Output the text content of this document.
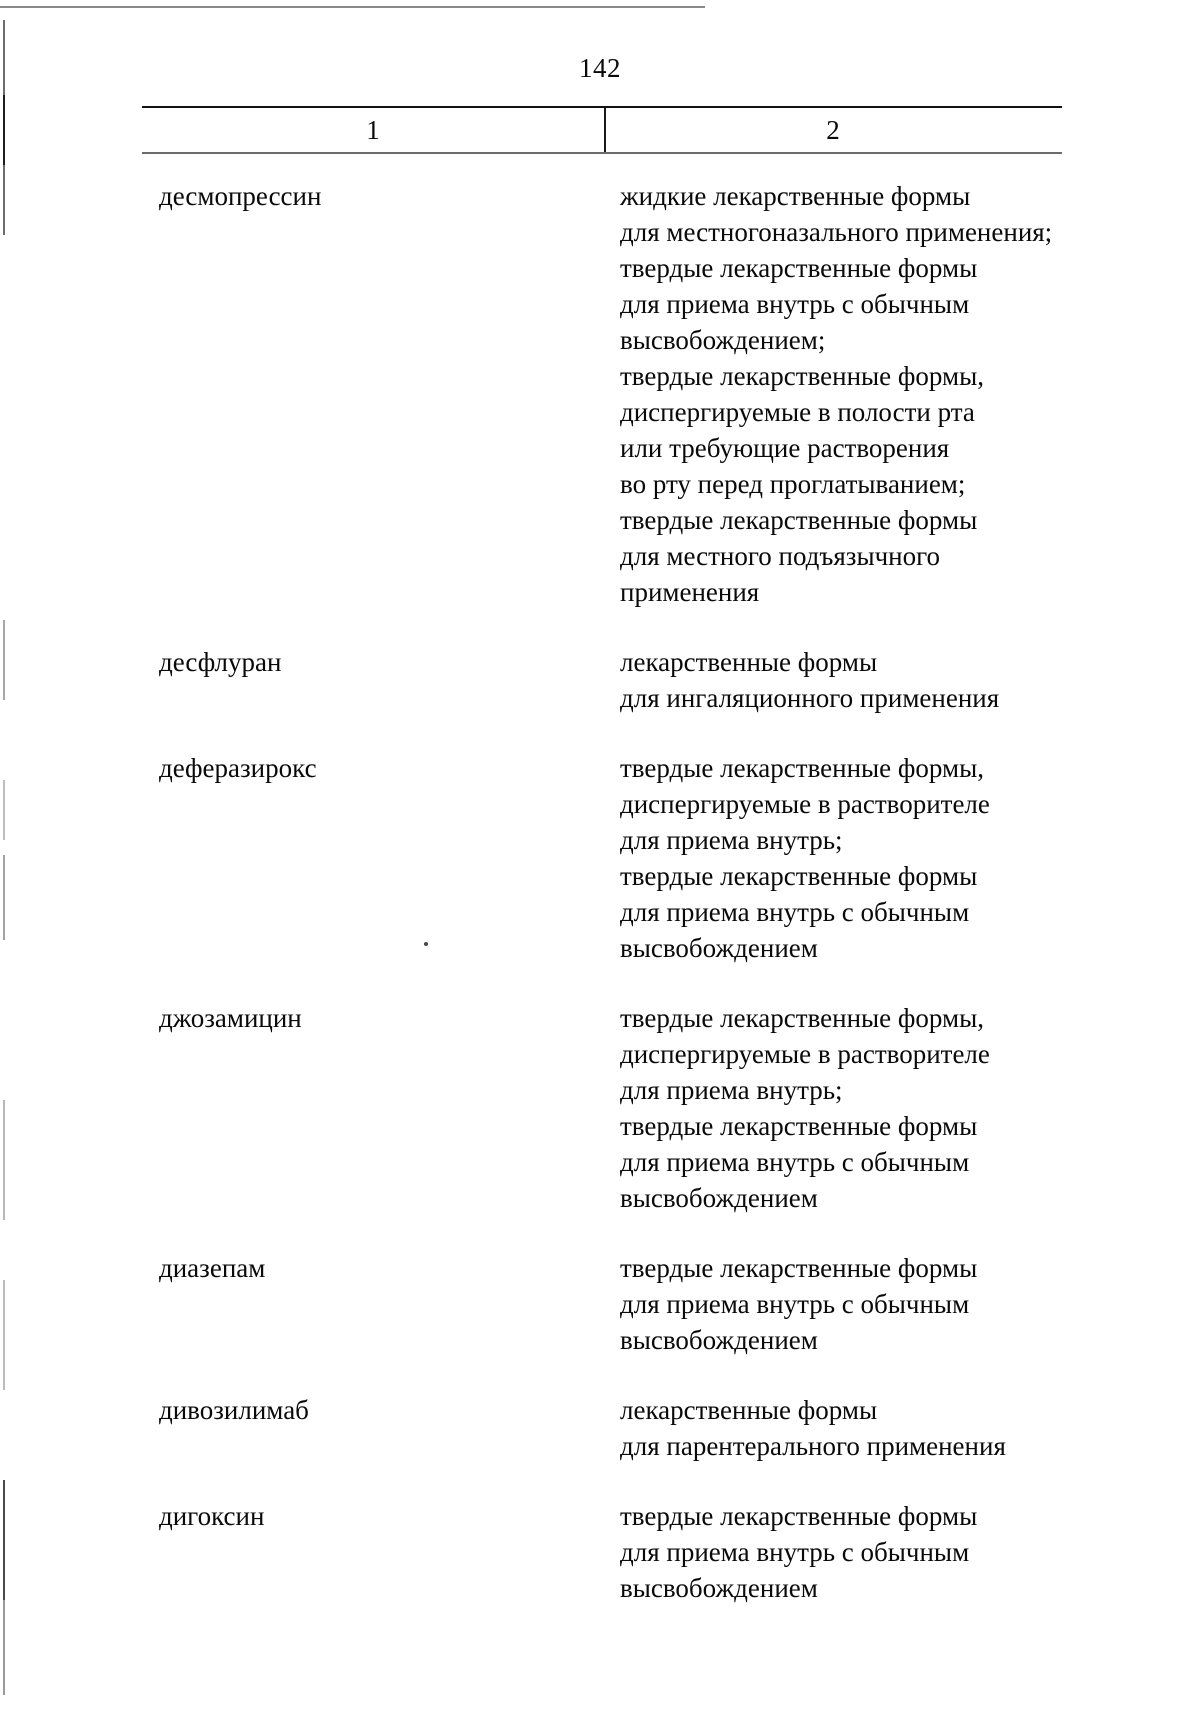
142
1	2
десмопрессин	жидкие лекарственные формы
для местногоназального применения;
твердые лекарственные формы
для приема внутрь с обычным
высвобождением;
твердые лекарственные формы,
диспергируемые в полости рта
или требующие растворения
во рту перед проглатыванием;
твердые лекарственные формы
для местного подъязычного
применения
десфлуран	лекарственные формы
для ингаляционного применения
деферазирокс	твердые лекарственные формы,
диспергируемые в растворителе
для приема внутрь;
твердые лекарственные формы
для приема внутрь с обычным
высвобождением
джозамицин	твердые лекарственные формы,
диспергируемые в растворителе
для приема внутрь;
твердые лекарственные формы
для приема внутрь с обычным
высвобождением
диазепам	твердые лекарственные формы
для приема внутрь с обычным
высвобождением
дивозилимаб	лекарственные формы
для парентерального применения
дигоксин	твердые лекарственные формы
для приема внутрь с обычным
высвобождением
